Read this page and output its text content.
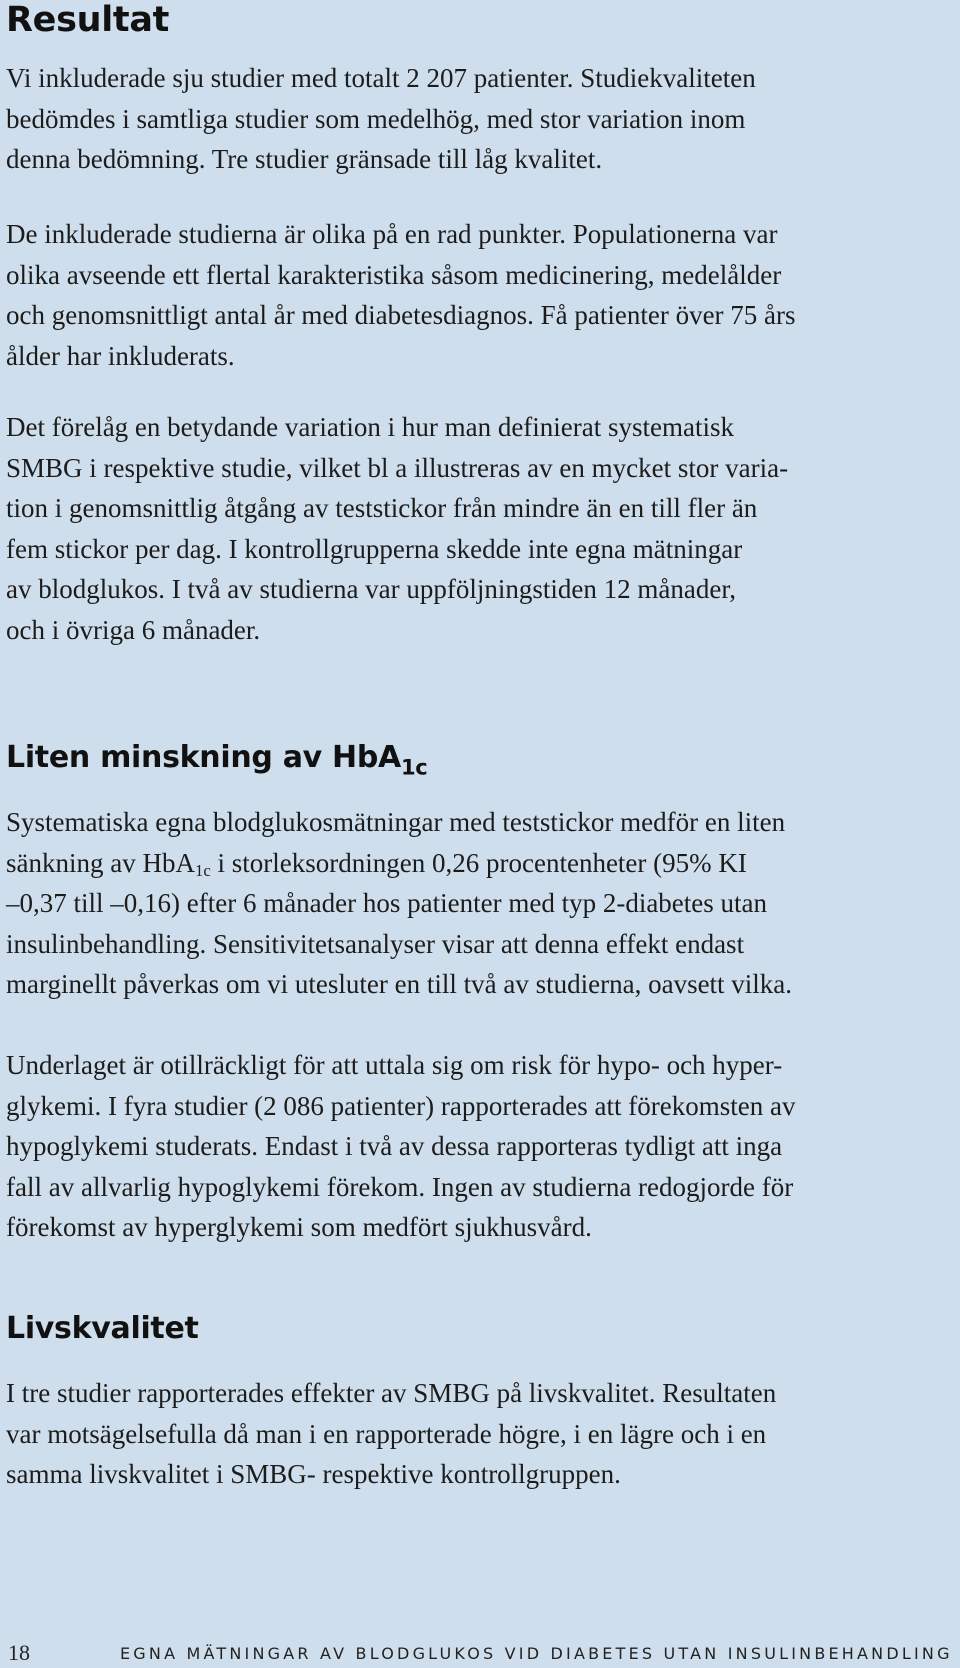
Resultat

Vi inkluderade sju studier med totalt 2 207 patienter. Studiekvaliteten
bedömdes i samtliga studier som medelhög, med stor variation inom
denna bedömning. Tre studier gränsade till låg kvalitet.

De inkluderade studierna är olika på en rad punkter. Populationerna var
olika avseende ett flertal karakteristika såsom medicinering, medelålder
och genomsnittligt antal år med diabetesdiagnos. Få patienter över 75 års
ålder har inkluderats.

Det förelåg en betydande variation i hur man definierat systematisk
SMBG i respektive studie, vilket bl a illustreras av en mycket stor varia-
tion i genomsnittlig åtgång av teststickor från mindre än en till fler än
fem stickor per dag. I kontrollgrupperna skedde inte egna mätningar
av blodglukos. I två av studierna var uppföljningstiden 12 månader,
och i övriga 6 månader.

Liten minskning av HbA$_{1c}$

Systematiska egna blodglukosmätningar med teststickor medför en liten
sänkning av HbA$_{1c}$ i storleksordningen 0,26 procentenheter (95% KI
–0,37 till –0,16) efter 6 månader hos patienter med typ 2-diabetes utan
insulinbehandling. Sensitivitetsanalyser visar att denna effekt endast
marginellt påverkas om vi utesluter en till två av studierna, oavsett vilka.

Underlaget är otillräckligt för att uttala sig om risk för hypo- och hyper-
glykemi. I fyra studier (2 086 patienter) rapporterades att förekomsten av
hypoglykemi studerats. Endast i två av dessa rapporteras tydligt att inga
fall av allvarlig hypoglykemi förekom. Ingen av studierna redogjorde för
förekomst av hyperglykemi som medfört sjukhusvård.

Livskvalitet

I tre studier rapporterades effekter av SMBG på livskvalitet. Resultaten
var motsägelsefulla då man i en rapporterade högre, i en lägre och i en
samma livskvalitet i SMBG- respektive kontrollgruppen.

18	EGNA MÄTNINGAR AV BLODGLUKOS VID DIABETES UTAN INSULINBEHANDLING
